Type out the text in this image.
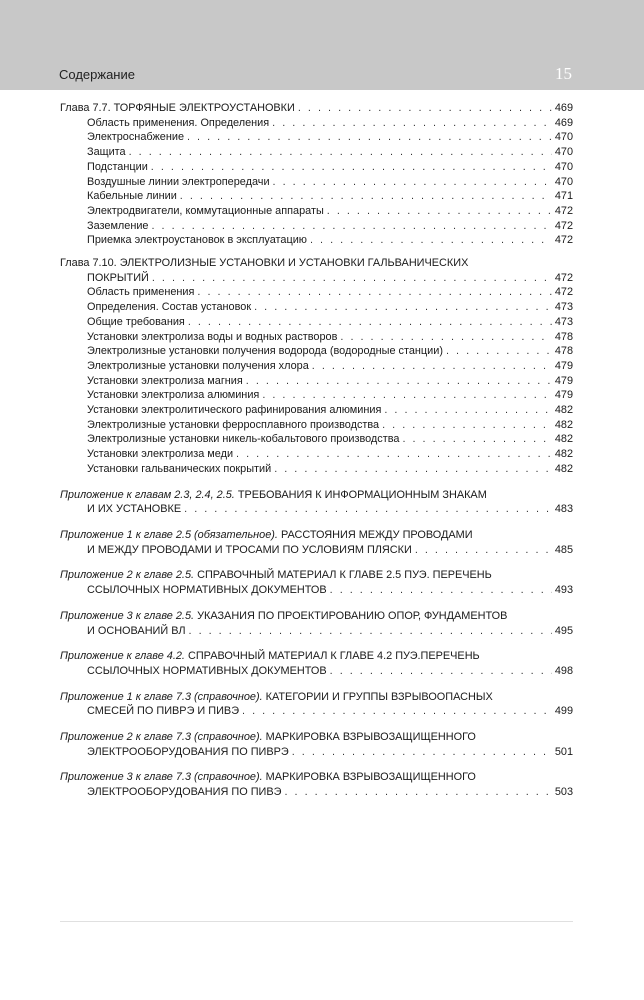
Содержание	15
Глава 7.7. ТОРФЯНЫЕ ЭЛЕКТРОУСТАНОВКИ . . .	469
Область применения. Определения . . .	469
Электроснабжение . . .	470
Защита . . .	470
Подстанции . . .	470
Воздушные линии электропередачи . . .	470
Кабельные линии . . .	471
Электродвигатели, коммутационные аппараты . . .	472
Заземление . . .	472
Приемка электроустановок в эксплуатацию . . .	472
Глава 7.10. ЭЛЕКТРОЛИЗНЫЕ УСТАНОВКИ И УСТАНОВКИ ГАЛЬВАНИЧЕСКИХ
ПОКРЫТИЙ . . .	472
Область применения . . .	472
Определения. Состав установок . . .	473
Общие требования . . .	473
Установки электролиза воды и водных растворов . . .	478
Электролизные установки получения водорода (водородные станции) . . .	478
Электролизные установки получения хлора . . .	479
Установки электролиза магния . . .	479
Установки электролиза алюминия . . .	479
Установки электролитического рафинирования алюминия . . .	482
Электролизные установки ферросплавного производства . . .	482
Электролизные установки никель-кобальтового производства . . .	482
Установки электролиза меди . . .	482
Установки гальванических покрытий . . .	482
Приложение к главам 2.3, 2.4, 2.5. ТРЕБОВАНИЯ К ИНФОРМАЦИОННЫМ ЗНАКАМ
И ИХ УСТАНОВКЕ . . .	483
Приложение 1 к главе 2.5 (обязательное). РАССТОЯНИЯ МЕЖДУ ПРОВОДАМИ
И МЕЖДУ ПРОВОДАМИ И ТРОСАМИ ПО УСЛОВИЯМ ПЛЯСКИ . . .	485
Приложение 2 к главе 2.5. СПРАВОЧНЫЙ МАТЕРИАЛ К ГЛАВЕ 2.5 ПУЭ. ПЕРЕЧЕНЬ
ССЫЛОЧНЫХ НОРМАТИВНЫХ ДОКУМЕНТОВ . . .	493
Приложение 3 к главе 2.5. УКАЗАНИЯ ПО ПРОЕКТИРОВАНИЮ ОПОР, ФУНДАМЕНТОВ
И ОСНОВАНИЙ ВЛ . . .	495
Приложение к главе 4.2. СПРАВОЧНЫЙ МАТЕРИАЛ К ГЛАВЕ 4.2 ПУЭ.ПЕРЕЧЕНЬ
ССЫЛОЧНЫХ НОРМАТИВНЫХ ДОКУМЕНТОВ . . .	498
Приложение 1 к главе 7.3 (справочное). КАТЕГОРИИ И ГРУППЫ ВЗРЫВООПАСНЫХ
СМЕСЕЙ ПО ПИВРЭ И ПИВЭ . . .	499
Приложение 2 к главе 7.3 (справочное). МАРКИРОВКА ВЗРЫВОЗАЩИЩЕННОГО
ЭЛЕКТРООБОРУДОВАНИЯ ПО ПИВРЭ . . .	501
Приложение 3 к главе 7.3 (справочное). МАРКИРОВКА ВЗРЫВОЗАЩИЩЕННОГО
ЭЛЕКТРООБОРУДОВАНИЯ ПО ПИВЭ . . .	503
